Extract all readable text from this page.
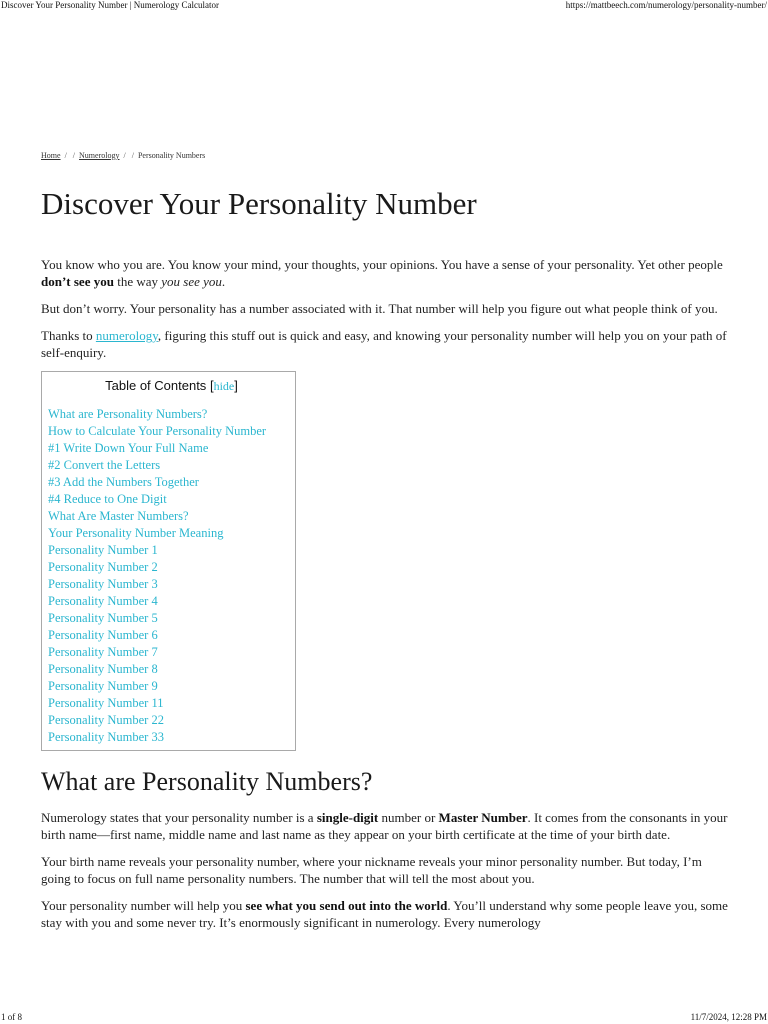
Discover Your Personality Number | Numerology Calculator	https://mattbeech.com/numerology/personality-number/
Home / / Numerology / / Personality Numbers
Discover Your Personality Number

You know who you are. You know your mind, your thoughts, your opinions. You have a sense of your personality. Yet other people don’t see you the way you see you.

But don’t worry. Your personality has a number associated with it. That number will help you figure out what people think of you.

Thanks to numerology, figuring this stuff out is quick and easy, and knowing your personality number will help you on your path of self-enquiry.

Table of Contents [hide]
What are Personality Numbers?
How to Calculate Your Personality Number
#1 Write Down Your Full Name
#2 Convert the Letters
#3 Add the Numbers Together
#4 Reduce to One Digit
What Are Master Numbers?
Your Personality Number Meaning
Personality Number 1
Personality Number 2
Personality Number 3
Personality Number 4
Personality Number 5
Personality Number 6
Personality Number 7
Personality Number 8
Personality Number 9
Personality Number 11
Personality Number 22
Personality Number 33
What are Personality Numbers?

Numerology states that your personality number is a single-digit number or Master Number. It comes from the consonants in your birth name—first name, middle name and last name as they appear on your birth certificate at the time of your birth date.

Your birth name reveals your personality number, where your nickname reveals your minor personality number. But today, I’m going to focus on full name personality numbers. The number that will tell the most about you.

Your personality number will help you see what you send out into the world. You’ll understand why some people leave you, some stay with you and some never try. It’s enormously significant in numerology. Every numerology

1 of 8	11/7/2024, 12:28 PM
